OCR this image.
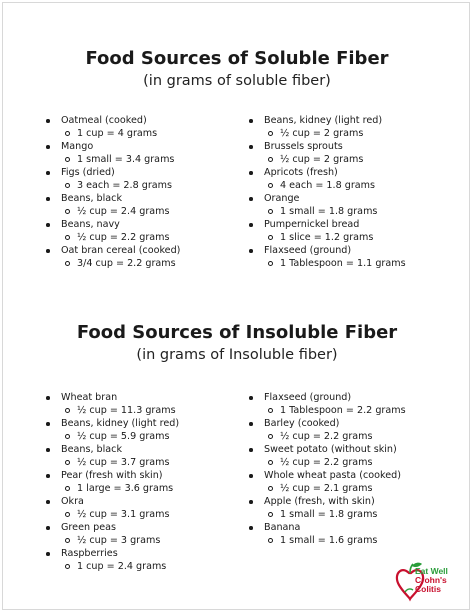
Food Sources of Soluble Fiber

(in grams of soluble fiber)

Oatmeal (cooked)
1 cup = 4 grams
Mango
1 small = 3.4 grams
Figs (dried)
3 each = 2.8 grams
Beans, black
½ cup = 2.4 grams
Beans, navy
½ cup = 2.2 grams
Oat bran cereal (cooked)
3/4 cup = 2.2 grams
Beans, kidney (light red)
½ cup = 2 grams
Brussels sprouts
½ cup = 2 grams
Apricots (fresh)
4 each = 1.8 grams
Orange
1 small = 1.8 grams
Pumpernickel bread
1 slice = 1.2 grams
Flaxseed (ground)
1 Tablespoon = 1.1 grams
Food Sources of Insoluble Fiber

(in grams of Insoluble fiber)

Wheat bran
½ cup = 11.3 grams
Beans, kidney (light red)
½ cup = 5.9 grams
Beans, black
½ cup = 3.7 grams
Pear (fresh with skin)
1 large = 3.6 grams
Okra
½ cup = 3.1 grams
Green peas
½ cup = 3 grams
Raspberries
1 cup = 2.4 grams
Flaxseed (ground)
1 Tablespoon = 2.2 grams
Barley (cooked)
½ cup = 2.2 grams
Sweet potato (without skin)
½ cup = 2.2 grams
Whole wheat pasta (cooked)
½ cup = 2.1 grams
Apple (fresh, with skin)
1 small = 1.8 grams
Banana
1 small = 1.6 grams
Eat Well
Crohn's
Colitis
